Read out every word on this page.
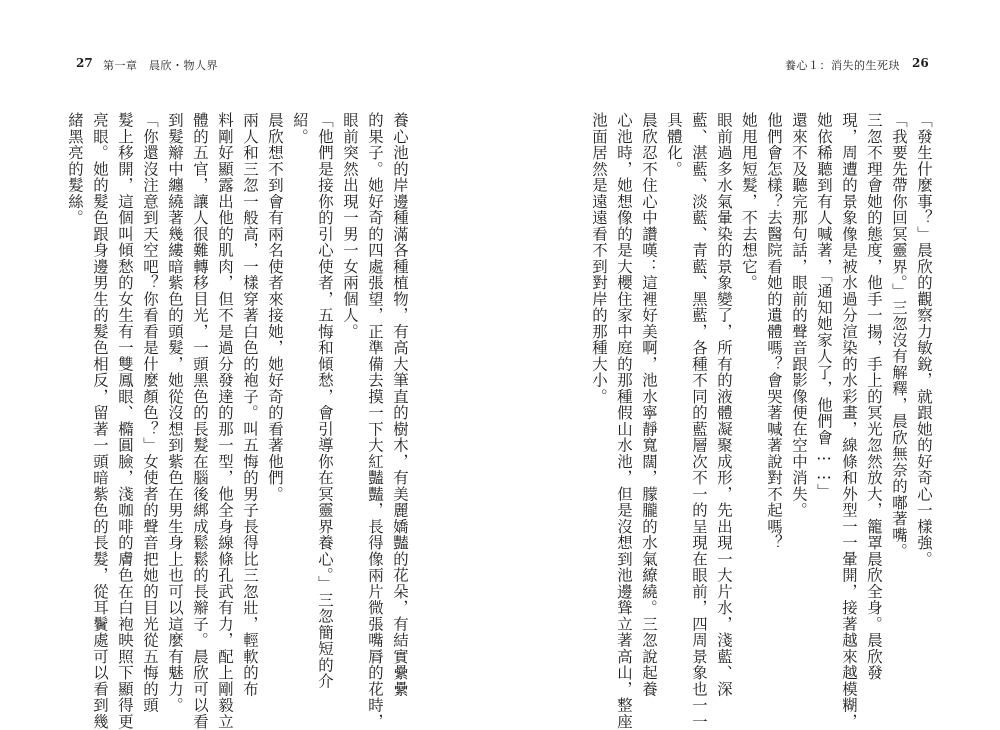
27 第一章　晨欣・物人界	養心１：消失的生死玦 26
緒黑亮的髮絲。 亮眼。她的髮色跟身邊男生的髮色相反，留著一頭暗紫色的長髮，從耳鬢處可以看到幾 髮上移開，這個叫傾愁的女生有一雙鳳眼、橢圓臉，淺咖啡的膚色在白袍映照下顯得更 「你還沒注意到天空吧？你看看是什麼顏色？」女使者的聲音把她的目光從五悔的頭 到髮辮中纏繞著幾縷暗紫色的頭髮，她從沒想到紫色在男生身上也可以這麼有魅力。 體的五官，讓人很難轉移目光，一頭黑色的長髮在腦後綁成鬆鬆的長辮子。晨欣可以看 料剛好顯露出他的肌肉，但不是過分發達的那一型，他全身線條孔武有力，配上剛毅立 兩人和三忽一般高，一樣穿著白色的袍子。叫五悔的男子長得比三忽壯，輕軟的布 晨欣想不到會有兩名使者來接她，她好奇的看著他們。 紹。 「他們是接你的引心使者，五悔和傾愁，會引導你在冥靈界養心。」三忽簡短的介 眼前突然出現一男一女兩個人。 的果子。她好奇的四處張望，正準備去摸一下大紅豔豔，長得像兩片微張嘴脣的花時， 養心池的岸邊種滿各種植物，有高大筆直的樹木，有美麗嬌豔的花朵，有結實纍纍	池面居然是遠遠看不到對岸的那種大小。 心池時，她想像的是大櫻住家中庭的那種假山水池，但是沒想到池邊聳立著高山，整座 晨欣忍不住心中讚嘆：這裡好美啊，池水寧靜寬闊，朦朧的水氣繚繞。三忽說起養 具體化。 藍、湛藍、淡藍、青藍、黑藍，各種不同的藍層次不一的呈現在眼前，四周景象也一一 眼前過多水氣暈染的景象變了，所有的液體凝聚成形，先出現一大片水，淺藍、深 她甩甩短髮，不去想它。 他們會怎樣？去醫院看她的遺體嗎？會哭著喊著說對不起嗎？ 還來不及聽完那句話，眼前的聲音跟影像便在空中消失。 她依稀聽到有人喊著，「通知她家人了，他們會……」 現，周遭的景象像是被水過分渲染的水彩畫，線條和外型一一暈開，接著越來越模糊， 三忽不理會她的態度，他手一揚，手上的冥光忽然放大，籠罩晨欣全身。晨欣發 「我要先帶你回冥靈界。」三忽沒有解釋，晨欣無奈的嘟著嘴。 「發生什麼事？」晨欣的觀察力敏銳，就跟她的好奇心一樣強。
